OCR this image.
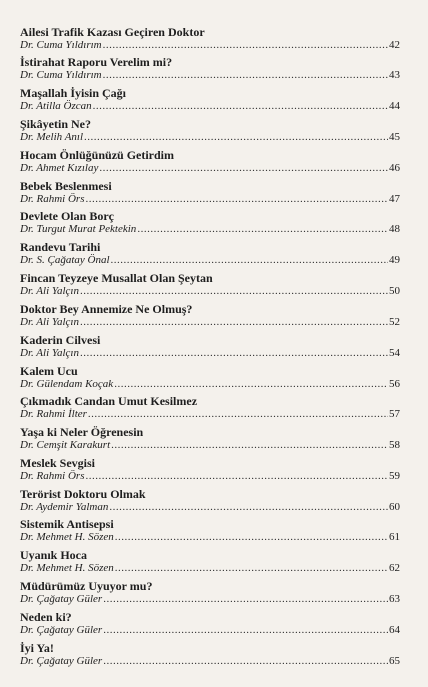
Ailesi Trafik Kazası Geçiren Doktor
Dr. Cuma Yıldırım .....	42
İstirahat Raporu Verelim mi?
Dr. Cuma Yıldırım .....	43
Maşallah İyisin Çağı
Dr. Atilla Özcan .....	44
Şikâyetin Ne?
Dr. Melih Anıl .....	45
Hocam Önlüğünüzü Getirdim
Dr. Ahmet Kızılay .....	46
Bebek Beslenmesi
Dr. Rahmi Örs .....	47
Devlete Olan Borç
Dr. Turgut Murat Pektekin .....	48
Randevu Tarihi
Dr. S. Çağatay Önal .....	49
Fincan Teyzeye Musallat Olan Şeytan
Dr. Ali Yalçın .....	50
Doktor Bey Annemize Ne Olmuş?
Dr. Ali Yalçın .....	52
Kaderin Cilvesi
Dr. Ali Yalçın .....	54
Kalem Ucu
Dr. Gülendam Koçak .....	56
Çıkmadık Candan Umut Kesilmez
Dr. Rahmi İlter .....	57
Yaşa ki Neler Öğrenesin
Dr. Cemşit Karakurt .....	58
Meslek Sevgisi
Dr. Rahmi Örs .....	59
Terörist Doktoru Olmak
Dr. Aydemir Yalman .....	60
Sistemik Antisepsi
Dr. Mehmet H. Sözen .....	61
Uyanık Hoca
Dr. Mehmet H. Sözen .....	62
Müdürümüz Uyuyor mu?
Dr. Çağatay Güler .....	63
Neden ki?
Dr. Çağatay Güler .....	64
İyi Ya!
Dr. Çağatay Güler .....	65
